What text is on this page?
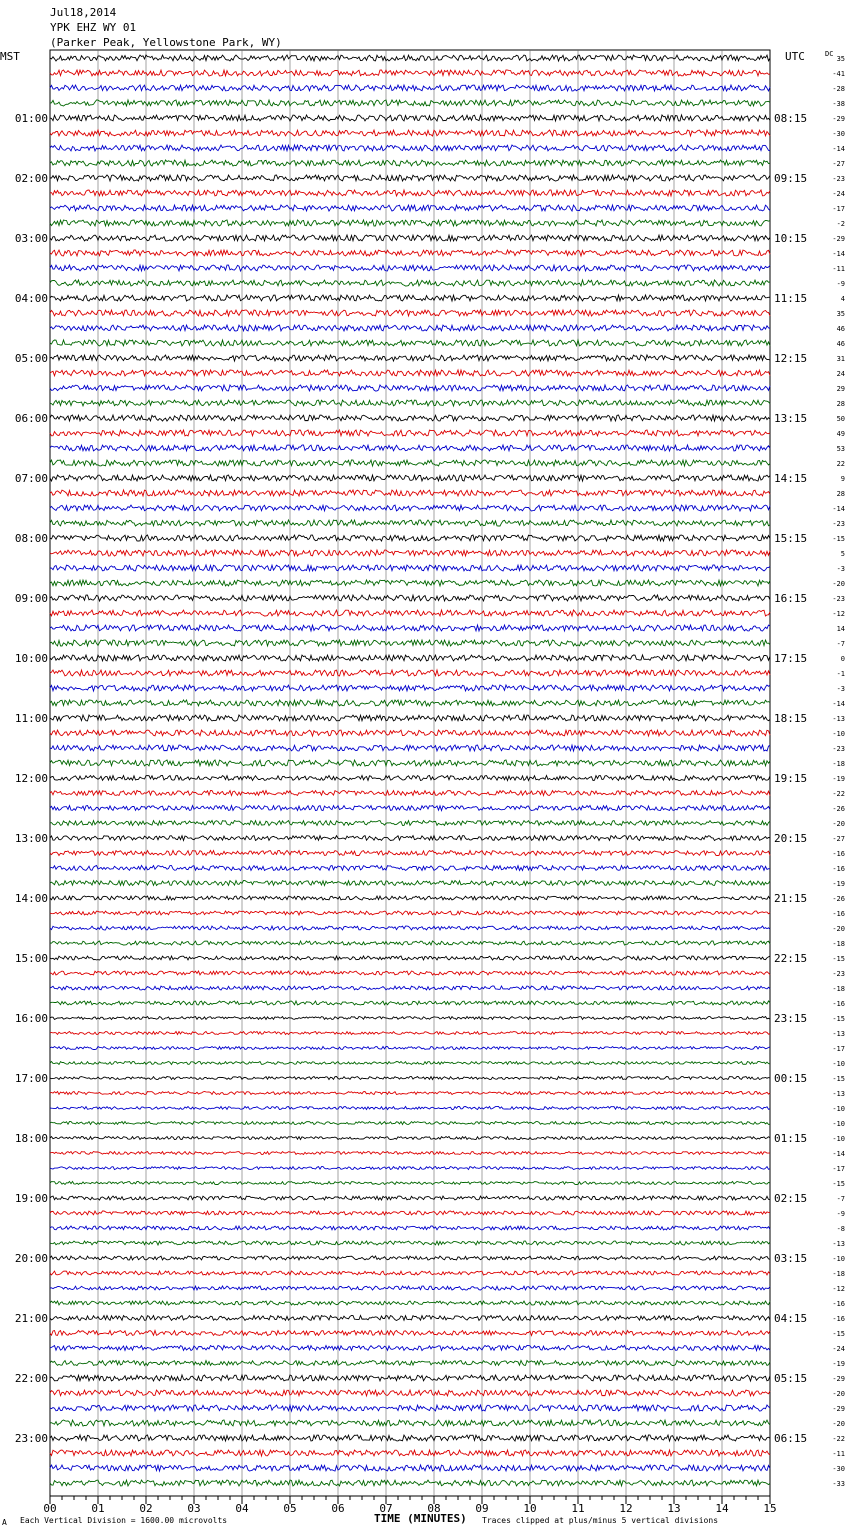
Jul18,2014
YPK EHZ WY 01
(Parker Peak, Yellowstone Park, WY)
MST	UTC	DC
35
-41
-28
-38
-29
-30
-14
-27
-23
-24
-17
-2
-29
-14
-11
-9
4
35
46
46
31
24
29
28
50
49
53
22
9
28
-14
-23
-15
5
-3
-20
-23
-12
14
-7
0
-1
-3
-14
-13
-10
-23
-18
-19
-22
-26
-20
-27
-16
-16
-19
-26
-16
-20
-18
-15
-23
-18
-16
-15
-13
-17
-10
-15
-13
-10
-10
-10
-14
-17
-15
-7
-9
-8
-13
-10
-18
-12
-16
-16
-15
-24
-19
-29
-20
-29
-20
-22
-11
-30
-33
01:00	08:15
02:00	09:15
03:00	10:15
04:00	11:15
05:00	12:15
06:00	13:15
07:00	14:15
08:00	15:15
09:00	16:15
10:00	17:15
11:00	18:15
12:00	19:15
13:00	20:15
14:00	21:15
15:00	22:15
16:00	23:15
17:00	00:15
18:00	01:15
19:00	02:15
20:00	03:15
21:00	04:15
22:00	05:15
23:00	06:15
00	01	02	03	04	05	06	07	08	09	10	11	12	13	14	15
A Each Vertical Division = 1600.00 microvolts	TIME (MINUTES) Traces clipped at plus/minus 5 vertical divisions
